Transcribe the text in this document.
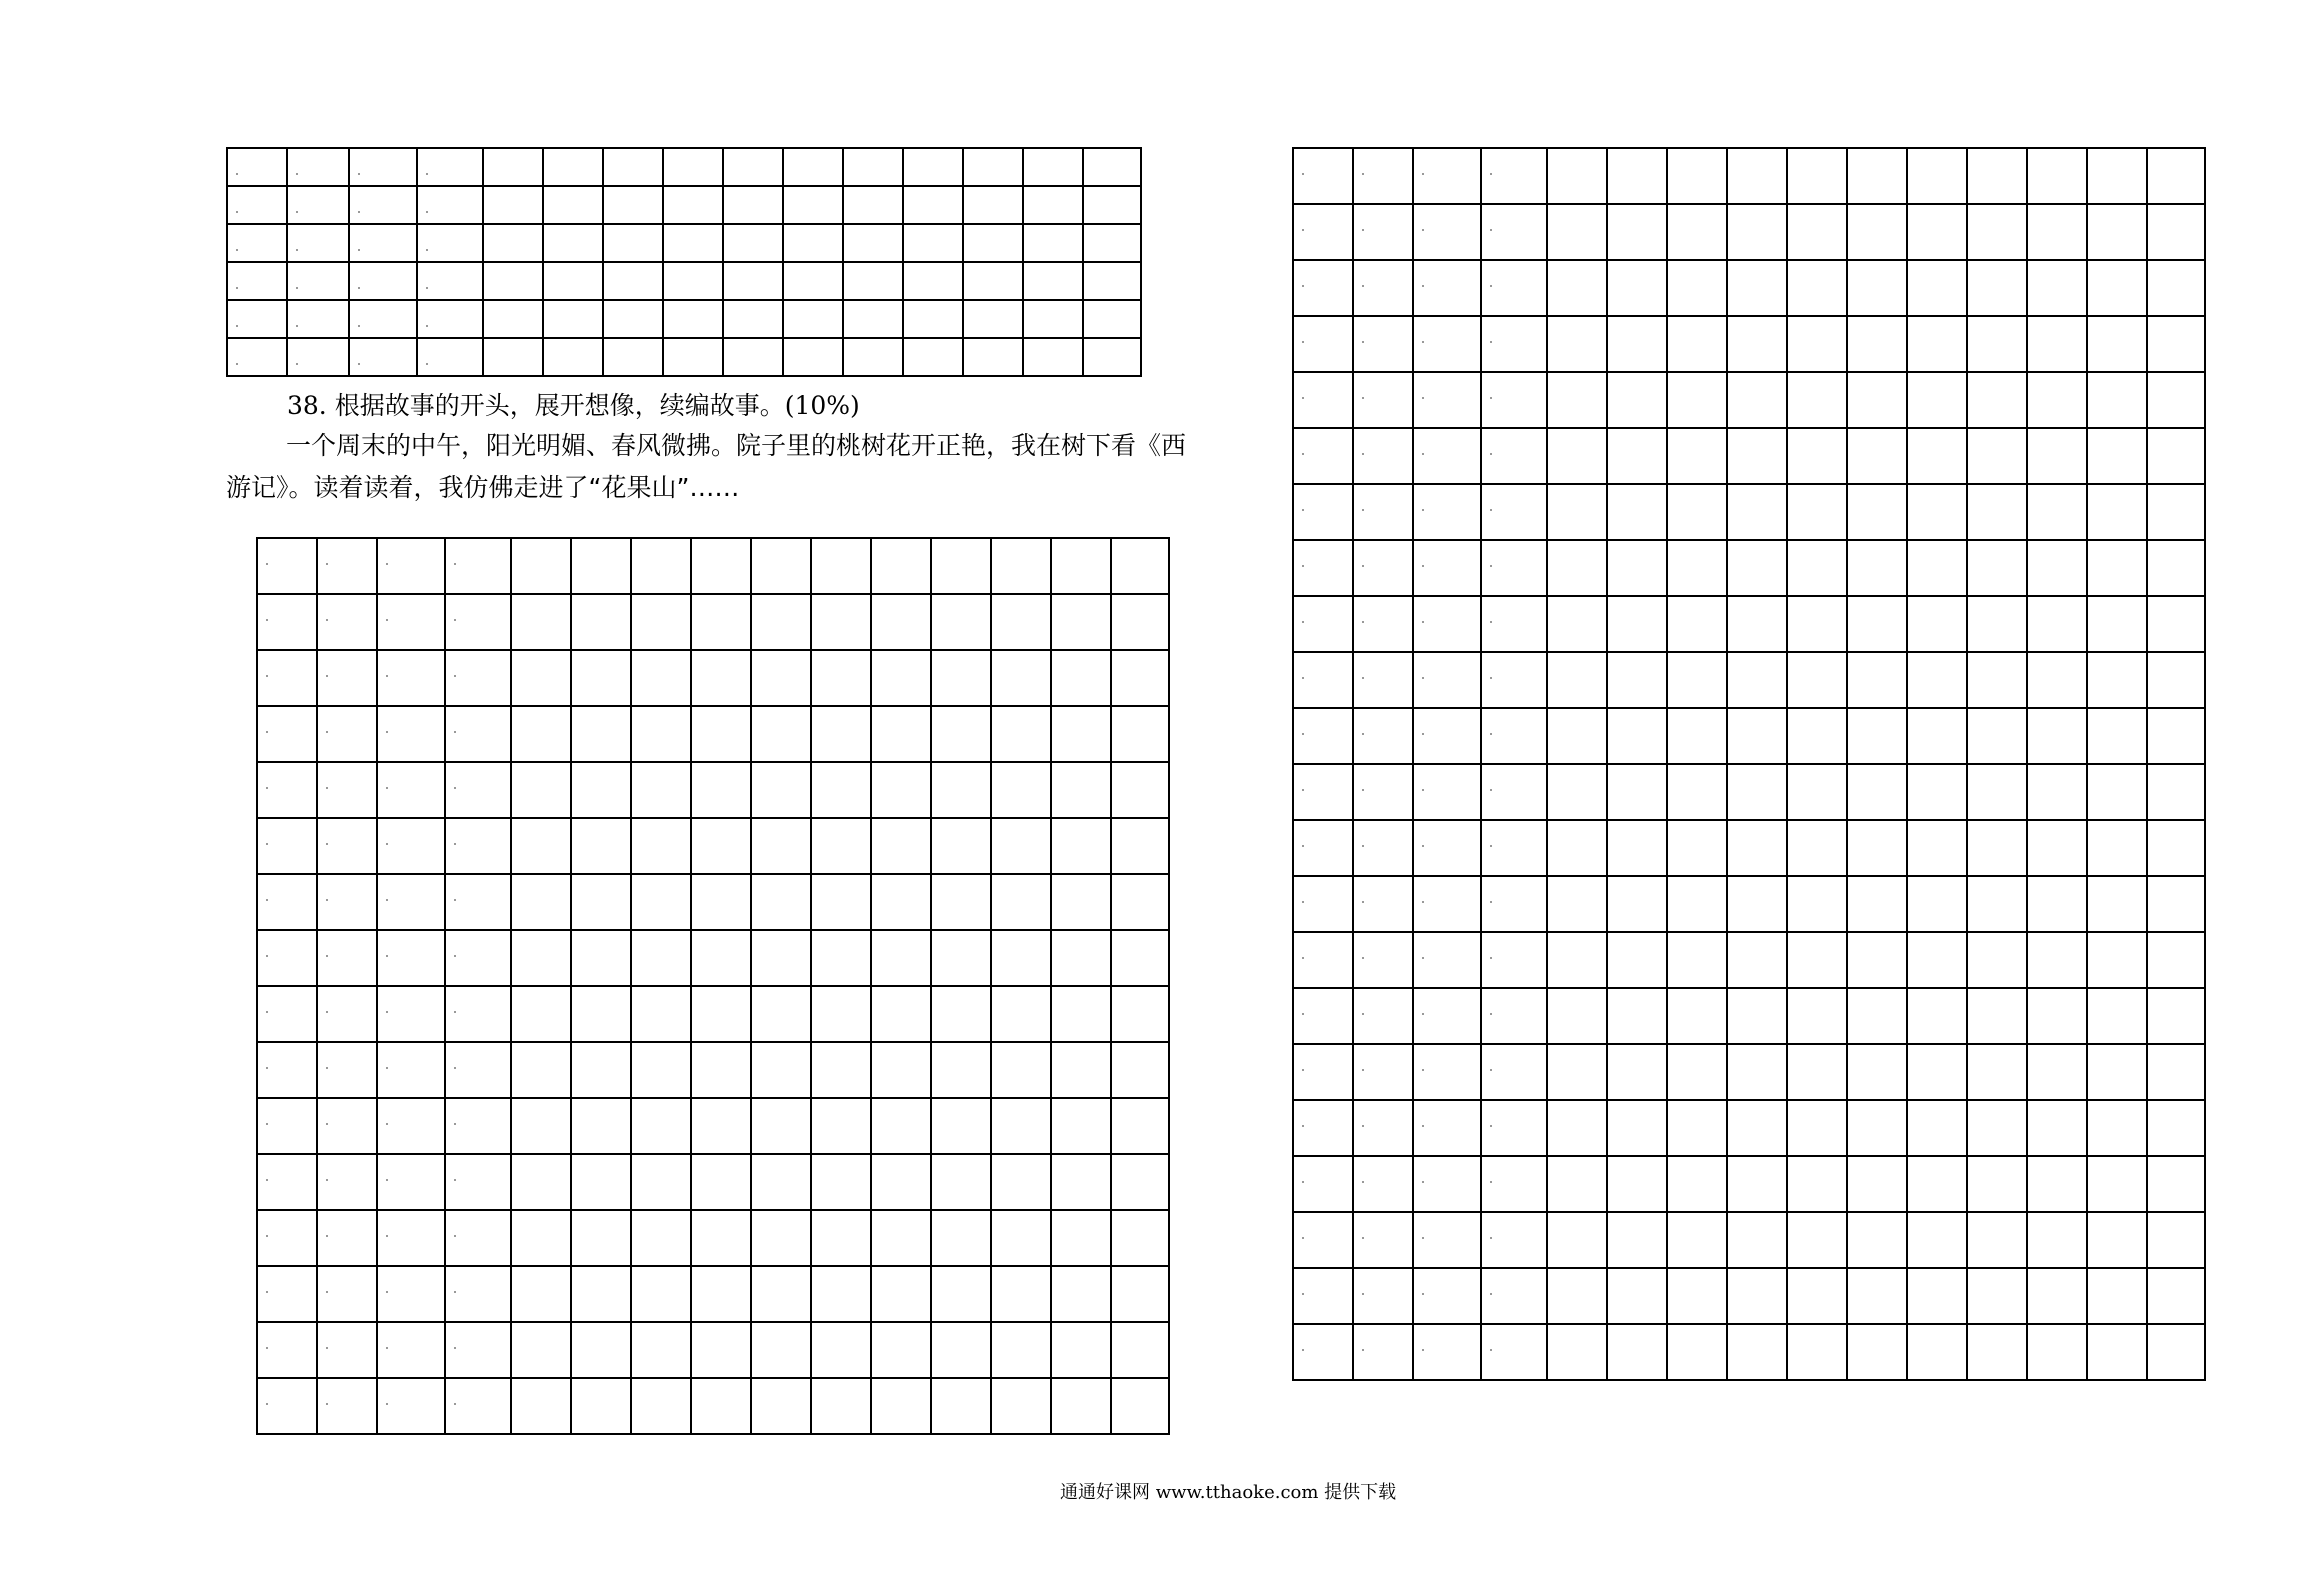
38. 根据故事的开头，展开想像，续编故事。(10%)
一个周末的中午，阳光明媚、春风微拂。院子里的桃树花开正艳，我在树下看《西游记》。读着读着，我仿佛走进了“花果山”……

通通好课网 www.tthaoke.com 提供下载
